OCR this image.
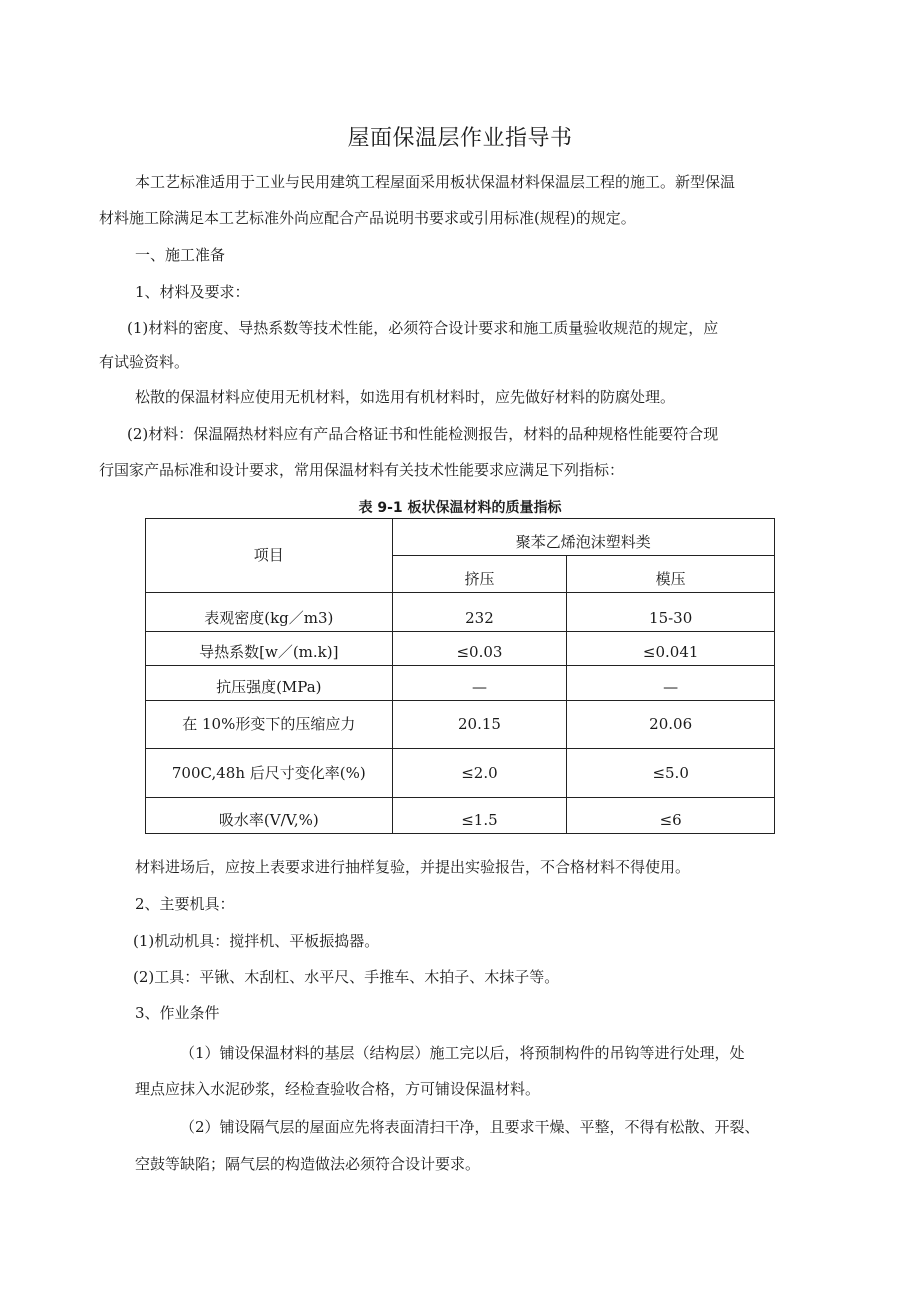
屋面保温层作业指导书
本工艺标准适用于工业与民用建筑工程屋面采用板状保温材料保温层工程的施工。新型保温
材料施工除满足本工艺标准外尚应配合产品说明书要求或引用标准(规程)的规定。
一、施工准备
1、材料及要求：
(1)材料的密度、导热系数等技术性能，必须符合设计要求和施工质量验收规范的规定，应
有试验资料。
松散的保温材料应使用无机材料，如选用有机材料时，应先做好材料的防腐处理。
(2)材料：保温隔热材料应有产品合格证书和性能检测报告，材料的品种规格性能要符合现
行国家产品标准和设计要求，常用保温材料有关技术性能要求应满足下列指标：
表 9-1 板状保温材料的质量指标
项目	聚苯乙烯泡沫塑料类	
	挤压	模压
表观密度(kg／m3)	232	15-30
导热系数[w／(m.k)]	≤0.03	≤0.041
抗压强度(MPa)	—	—
在 10%形变下的压缩应力	20.15	20.06
700C,48h 后尺寸变化率(%)	≤2.0	≤5.0
吸水率(V/V,%)	≤1.5	≤6
材料进场后，应按上表要求进行抽样复验，并提出实验报告，不合格材料不得使用。
2、主要机具：
(1)机动机具：搅拌机、平板振捣器。
(2)工具：平锹、木刮杠、水平尺、手推车、木拍子、木抹子等。
3、作业条件
（1）铺设保温材料的基层（结构层）施工完以后，将预制构件的吊钩等进行处理，处
理点应抹入水泥砂浆，经检查验收合格，方可铺设保温材料。
（2）铺设隔气层的屋面应先将表面清扫干净，且要求干燥、平整，不得有松散、开裂、
空鼓等缺陷；隔气层的构造做法必须符合设计要求。
